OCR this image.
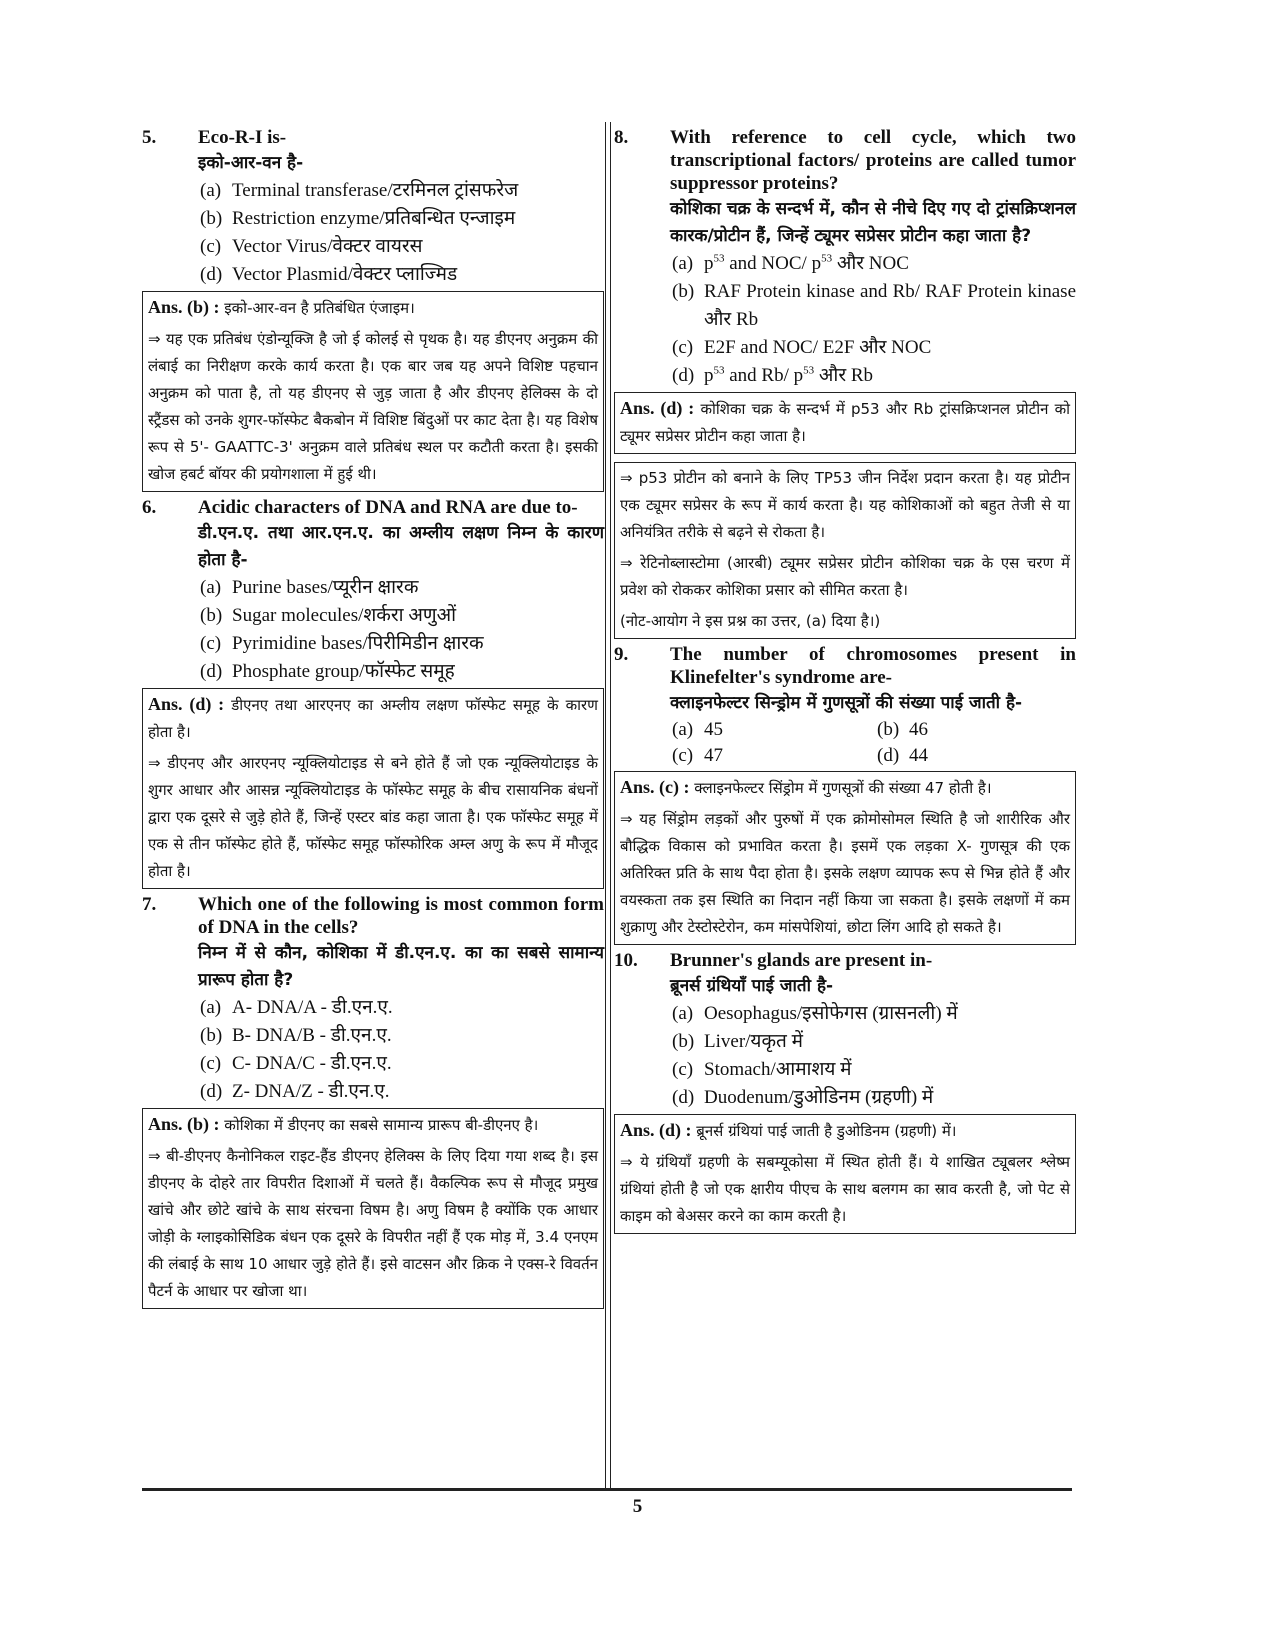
5.	Eco-R-I is-
इको-आर-वन है-
(a) Terminal transferase/टरमिनल ट्रांसफरेज
(b) Restriction enzyme/प्रतिबन्धित एन्जाइम
(c) Vector Virus/वेक्टर वायरस
(d) Vector Plasmid/वेक्टर प्लाज्मिड

Ans. (b) : इको-आर-वन है प्रतिबंधित एंजाइम।

⇒ यह एक प्रतिबंध एंडोन्यूक्जि है जो ई कोलई से पृथक है। यह डीएनए अनुक्रम की लंबाई का निरीक्षण करके कार्य करता है। एक बार जब यह अपने विशिष्ट पहचान अनुक्रम को पाता है, तो यह डीएनए से जुड़ जाता है और डीएनए हेलिक्स के दो स्ट्रैंडस को उनके शुगर-फॉस्फेट बैकबोन में विशिष्ट बिंदुओं पर काट देता है। यह विशेष रूप से 5'- GAATTC-3' अनुक्रम वाले प्रतिबंध स्थल पर कटौती करता है। इसकी खोज हबर्ट बॉयर की प्रयोगशाला में हुई थी।

6.	Acidic characters of DNA and RNA are due to-
डी.एन.ए. तथा आर.एन.ए. का अम्लीय लक्षण निम्न के कारण होता है-
(a) Purine bases/प्यूरीन क्षारक
(b) Sugar molecules/शर्करा अणुओं
(c) Pyrimidine bases/पिरीमिडीन क्षारक
(d) Phosphate group/फॉस्फेट समूह

Ans. (d) : डीएनए तथा आरएनए का अम्लीय लक्षण फॉस्फेट समूह के कारण होता है।

⇒ डीएनए और आरएनए न्यूक्लियोटाइड से बने होते हैं जो एक न्यूक्लियोटाइड के शुगर आधार और आसन्न न्यूक्लियोटाइड के फॉस्फेट समूह के बीच रासायनिक बंधनों द्वारा एक दूसरे से जुड़े होते हैं, जिन्हें एस्टर बांड कहा जाता है। एक फॉस्फेट समूह में एक से तीन फॉस्फेट होते हैं, फॉस्फेट समूह फॉस्फोरिक अम्ल अणु के रूप में मौजूद होता है।

7.	Which one of the following is most common form of DNA in the cells?
निम्न में से कौन, कोशिका में डी.एन.ए. का का सबसे सामान्य प्रारूप होता है?
(a) A- DNA/A - डी.एन.ए.
(b) B- DNA/B - डी.एन.ए.
(c) C- DNA/C - डी.एन.ए.
(d) Z- DNA/Z - डी.एन.ए.

Ans. (b) : कोशिका में डीएनए का सबसे सामान्य प्रारूप बी-डीएनए है।

⇒ बी-डीएनए कैनोनिकल राइट-हैंड डीएनए हेलिक्स के लिए दिया गया शब्द है। इस डीएनए के दोहरे तार विपरीत दिशाओं में चलते हैं। वैकल्पिक रूप से मौजूद प्रमुख खांचे और छोटे खांचे के साथ संरचना विषम है। अणु विषम है क्योंकि एक आधार जोड़ी के ग्लाइकोसिडिक बंधन एक दूसरे के विपरीत नहीं हैं एक मोड़ में, 3.4 एनएम की लंबाई के साथ 10 आधार जुड़े होते हैं। इसे वाटसन और क्रिक ने एक्स-रे विवर्तन पैटर्न के आधार पर खोजा था।

8.	With reference to cell cycle, which two transcriptional factors/ proteins are called tumor suppressor proteins?
कोशिका चक्र के सन्दर्भ में, कौन से नीचे दिए गए दो ट्रांसक्रिप्शनल कारक/प्रोटीन हैं, जिन्हें ट्यूमर सप्रेसर प्रोटीन कहा जाता है?
(a) $p^{53}$ and NOC/ $p^{53}$ और NOC
(b) RAF Protein kinase and Rb/ RAF Protein kinase और Rb
(c) E2F and NOC/ E2F और NOC
(d) $p^{53}$ and Rb/ $p^{53}$ और Rb

Ans. (d) : कोशिका चक्र के सन्दर्भ में p53 और Rb ट्रांसक्रिप्शनल प्रोटीन को ट्यूमर सप्रेसर प्रोटीन कहा जाता है।

⇒ p53 प्रोटीन को बनाने के लिए TP53 जीन निर्देश प्रदान करता है। यह प्रोटीन एक ट्यूमर सप्रेसर के रूप में कार्य करता है। यह कोशिकाओं को बहुत तेजी से या अनियंत्रित तरीके से बढ़ने से रोकता है।

⇒ रेटिनोब्लास्टोमा (आरबी) ट्यूमर सप्रेसर प्रोटीन कोशिका चक्र के एस चरण में प्रवेश को रोककर कोशिका प्रसार को सीमित करता है।

(नोट-आयोग ने इस प्रश्न का उत्तर, (a) दिया है।)

9.	The number of chromosomes present in Klinefelter's syndrome are-
क्लाइनफेल्टर सिन्ड्रोम में गुणसूत्रों की संख्या पाई जाती है-
(a) 45	(b) 46
(c) 47	(d) 44

Ans. (c) : क्लाइनफेल्टर सिंड्रोम में गुणसूत्रों की संख्या 47 होती है।

⇒ यह सिंड्रोम लड़कों और पुरुषों में एक क्रोमोसोमल स्थिति है जो शारीरिक और बौद्धिक विकास को प्रभावित करता है। इसमें एक लड़का X- गुणसूत्र की एक अतिरिक्त प्रति के साथ पैदा होता है। इसके लक्षण व्यापक रूप से भिन्न होते हैं और वयस्कता तक इस स्थिति का निदान नहीं किया जा सकता है। इसके लक्षणों में कम शुक्राणु और टेस्टोस्टेरोन, कम मांसपेशियां, छोटा लिंग आदि हो सकते है।

10.	Brunner's glands are present in-
ब्रूनर्स ग्रंथियाँ पाई जाती है-
(a) Oesophagus/इसोफेगस (ग्रासनली) में
(b) Liver/यकृत में
(c) Stomach/आमाशय में
(d) Duodenum/डुओडिनम (ग्रहणी) में

Ans. (d) : ब्रूनर्स ग्रंथियां पाई जाती है डुओडिनम (ग्रहणी) में।

⇒ ये ग्रंथियाँ ग्रहणी के सबम्यूकोसा में स्थित होती हैं। ये शाखित ट्यूबलर श्लेष्म ग्रंथियां होती है जो एक क्षारीय पीएच के साथ बलगम का स्राव करती है, जो पेट से काइम को बेअसर करने का काम करती है।

5
